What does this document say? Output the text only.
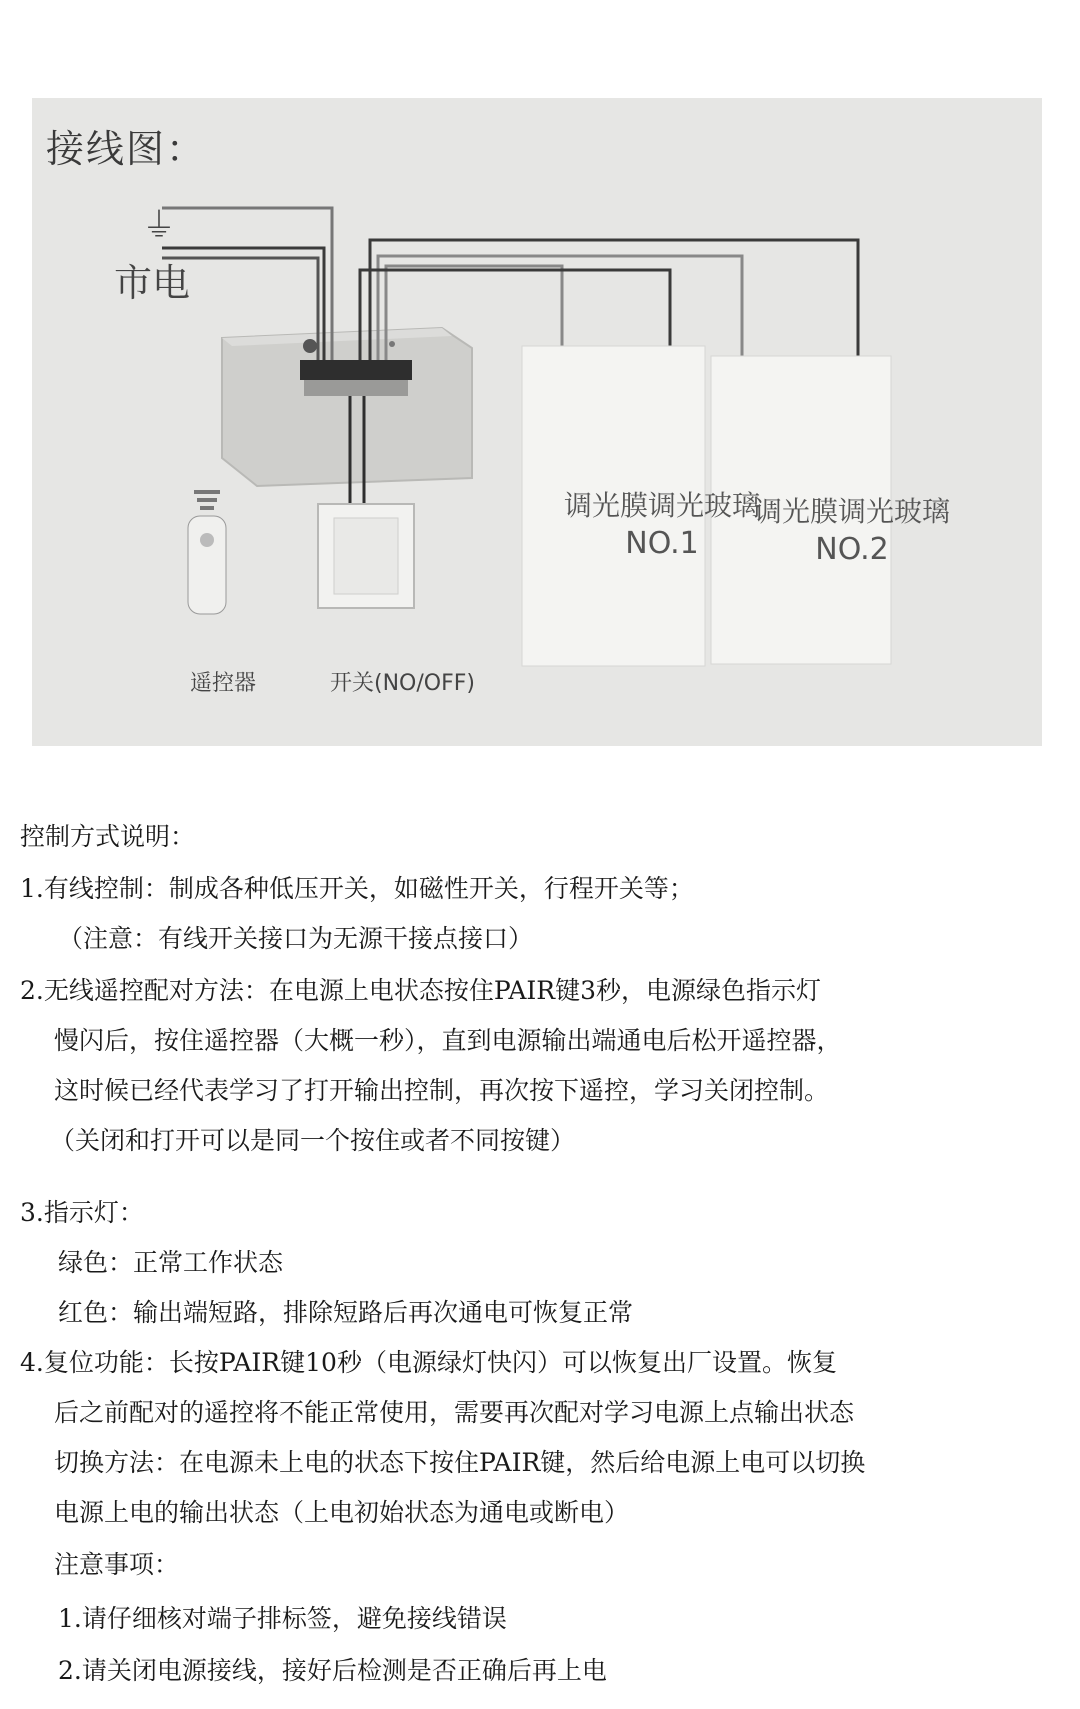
接线图：
⏚
市电
调光膜调光玻璃
NO.1
调光膜调光玻璃
NO.2
遥控器	开关(NO/OFF)
控制方式说明：
1.有线控制：制成各种低压开关，如磁性开关，行程开关等；
（注意：有线开关接口为无源干接点接口）
2.无线遥控配对方法：在电源上电状态按住PAIR键3秒，电源绿色指示灯
慢闪后，按住遥控器（大概一秒），直到电源输出端通电后松开遥控器，
这时候已经代表学习了打开输出控制，再次按下遥控，学习关闭控制。
（关闭和打开可以是同一个按住或者不同按键）
3.指示灯：
绿色：正常工作状态
红色：输出端短路，排除短路后再次通电可恢复正常
4.复位功能：长按PAIR键10秒（电源绿灯快闪）可以恢复出厂设置。恢复
后之前配对的遥控将不能正常使用，需要再次配对学习电源上点输出状态
切换方法：在电源未上电的状态下按住PAIR键，然后给电源上电可以切换
电源上电的输出状态（上电初始状态为通电或断电）
注意事项：
1.请仔细核对端子排标签，避免接线错误
2.请关闭电源接线，接好后检测是否正确后再上电
